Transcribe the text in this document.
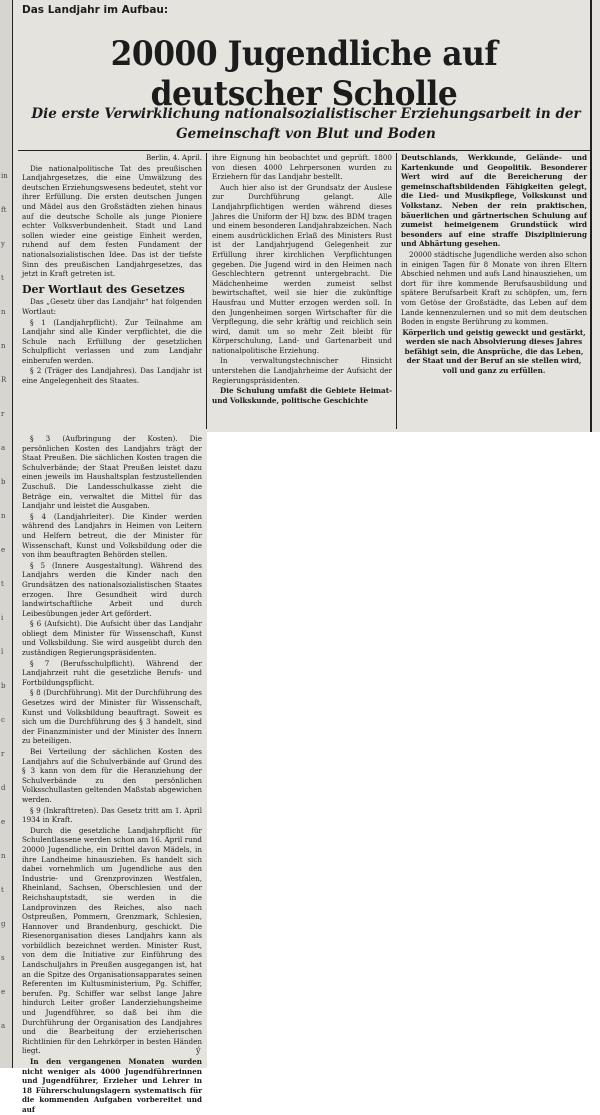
in
ft
y
t
n
n
R
r
a
b
n
e
t
i
l
b
c
r
d
e
n
t
g
s
e
a
Das Landjahr im Aufbau:
20000 Jugendliche auf deutscher Scholle
Die erste Verwirklichung nationalsozialistischer Erziehungsarbeit in der Gemeinschaft von Blut und Boden

Berlin, 4. April.

Die nationalpolitische Tat des preußischen Landjahrgesetzes, die eine Umwälzung des deutschen Erziehungswesens bedeutet, steht vor ihrer Erfüllung. Die ersten deutschen Jungen und Mädel aus den Großstädten ziehen hinaus auf die deutsche Scholle als junge Pioniere echter Volksverbundenheit. Stadt und Land sollen wieder eine geistige Einheit werden, ruhend auf dem festen Fundament der nationalsozialistischen Idee. Das ist der tiefste Sinn des preußischen Landjahrgesetzes, das jetzt in Kraft getreten ist.

Der Wortlaut des Gesetzes

Das „Gesetz über das Landjahr“ hat folgenden Wortlaut:

§ 1 (Landjahrpflicht). Zur Teilnahme am Landjahr sind alle Kinder verpflichtet, die die Schule nach Erfüllung der gesetzlichen Schulpflicht verlassen und zum Landjahr einberufen werden.

§ 2 (Träger des Landjahres). Das Landjahr ist eine Angelegenheit des Staates.

§ 3 (Aufbringung der Kosten). Die persönlichen Kosten des Landjahrs trägt der Staat Preußen. Die sächlichen Kosten tragen die Schulverbände; der Staat Preußen leistet dazu einen jeweils im Haushaltsplan festzustellenden Zuschuß. Die Landesschulkasse zieht die Beträge ein, verwaltet die Mittel für das Landjahr und leistet die Ausgaben.

§ 4 (Landjahrleiter). Die Kinder werden während des Landjahrs in Heimen von Leitern und Helfern betreut, die der Minister für Wissenschaft, Kunst und Volksbildung oder die von ihm beauftragten Behörden stellen.

§ 5 (Innere Ausgestaltung). Während des Landjahrs werden die Kinder nach den Grundsätzen des nationalsozialistischen Staates erzogen. Ihre Gesundheit wird durch landwirtschaftliche Arbeit und durch Leibesübungen jeder Art gefördert.

§ 6 (Aufsicht). Die Aufsicht über das Landjahr obliegt dem Minister für Wissenschaft, Kunst und Volksbildung. Sie wird ausgeübt durch den zuständigen Regierungspräsidenten.

§ 7 (Berufsschulpflicht). Während der Landjahrzeit ruht die gesetzliche Berufs- und Fortbildungspflicht.

§ 8 (Durchführung). Mit der Durchführung des Gesetzes wird der Minister für Wissenschaft, Kunst und Volksbildung beauftragt. Soweit es sich um die Durchführung des § 3 handelt, sind der Finanzminister und der Minister des Innern zu beteiligen.

Bei Verteilung der sächlichen Kosten des Landjahrs auf die Schulverbände auf Grund des § 3 kann von dem für die Heranziehung der Schulverbände zu den persönlichen Volksschullasten geltenden Maßstab abgewichen werden.

§ 9 (Inkrafttreten). Das Gesetz tritt am 1. April 1934 in Kraft.

Durch die gesetzliche Landjahrpflicht für Schulentlassene werden schon am 16. April rund 20000 Jugendliche, ein Drittel davon Mädels, in ihre Landheime hinausziehen. Es handelt sich dabei vornehmlich um Jugendliche aus den Industrie- und Grenzprovinzen Westfalen, Rheinland, Sachsen, Oberschlesien und der Reichshauptstadt, sie werden in die Landprovinzen des Reiches, also nach Ostpreußen, Pommern, Grenzmark, Schlesien, Hannover und Brandenburg, geschickt. Die Riesenorganisation dieses Landjahrs kann als vorbildlich bezeichnet werden. Minister Rust, von dem die Initiative zur Einführung des Landschuljahrs in Preußen ausgegangen ist, hat an die Spitze des Organisationsapparates seinen Referenten im Kultusministerium, Pg. Schiffer, berufen. Pg. Schiffer war selbst lange Jahre hindurch Leiter großer Landerziehungsheime und Jugendführer, so daß bei ihm die Durchführung der Organisation des Landjahres und die Bearbeitung der erzieherischen Richtlinien für den Lehrkörper in besten Händen liegt.

In den vergangenen Monaten wurden nicht weniger als 4000 Jugendführerinnen und Jugendführer, Erzieher und Lehrer in 18 Führerschulungslagern systematisch für die kommenden Aufgaben vorbereitet und auf

ý

ihre Eignung hin beobachtet und geprüft. 1800 von diesen 4000 Lehrpersonen wurden zu Erziehern für das Landjahr bestellt.

Auch hier also ist der Grundsatz der Auslese zur Durchführung gelangt. Alle Landjahrpflichtigen werden während dieses Jahres die Uniform der HJ bzw. des BDM tragen und einem besonderen Landjahrabzeichen. Nach einem ausdrücklichen Erlaß des Ministers Rust ist der Landjahrjugend Gelegenheit zur Erfüllung ihrer kirchlichen Verpflichtungen gegeben. Die Jugend wird in den Heimen nach Geschlechtern getrennt untergebracht. Die Mädchenheime werden zumeist selbst bewirtschaftet, weil sie hier die zukünftige Hausfrau und Mutter erzogen werden soll. In den Jungenheimen sorgen Wirtschafter für die Verpflegung, die sehr kräftig und reichlich sein wird, damit um so mehr Zeit bleibt für Körperschulung, Land- und Gartenarbeit und nationalpolitische Erziehung.

In verwaltungstechnischer Hinsicht unterstehen die Landjahrheime der Aufsicht der Regierungspräsidenten.

Die Schulung umfaßt die Gebiete Heimat- und Volkskunde, politische Geschichte

Deutschlands, Werkkunde, Gelände- und Kartenkunde und Geopolitik. Besonderer Wert wird auf die Bereicherung der gemeinschaftsbildenden Fähigkeiten gelegt, die Lied- und Musikpflege, Volkskunst und Volkstanz. Neben der rein praktischen, bäuerlichen und gärtnerischen Schulung auf zumeist heimeigenem Grundstück wird besonders auf eine straffe Disziplinierung und Abhärtung gesehen.

20000 städtische Jugendliche werden also schon in einigen Tagen für 8 Monate von ihren Eltern Abschied nehmen und aufs Land hinausziehen, um dort für ihre kommende Berufsausbildung und spätere Berufsarbeit Kraft zu schöpfen, um, fern vom Getöse der Großstädte, das Leben auf dem Lande kennenzulernen und so mit dem deutschen Boden in engste Berührung zu kommen.

Körperlich und geistig geweckt und gestärkt, werden sie nach Absolvierung dieses Jahres befähigt sein, die Ansprüche, die das Leben, der Staat und der Beruf an sie stellen wird, voll und ganz zu erfüllen.
